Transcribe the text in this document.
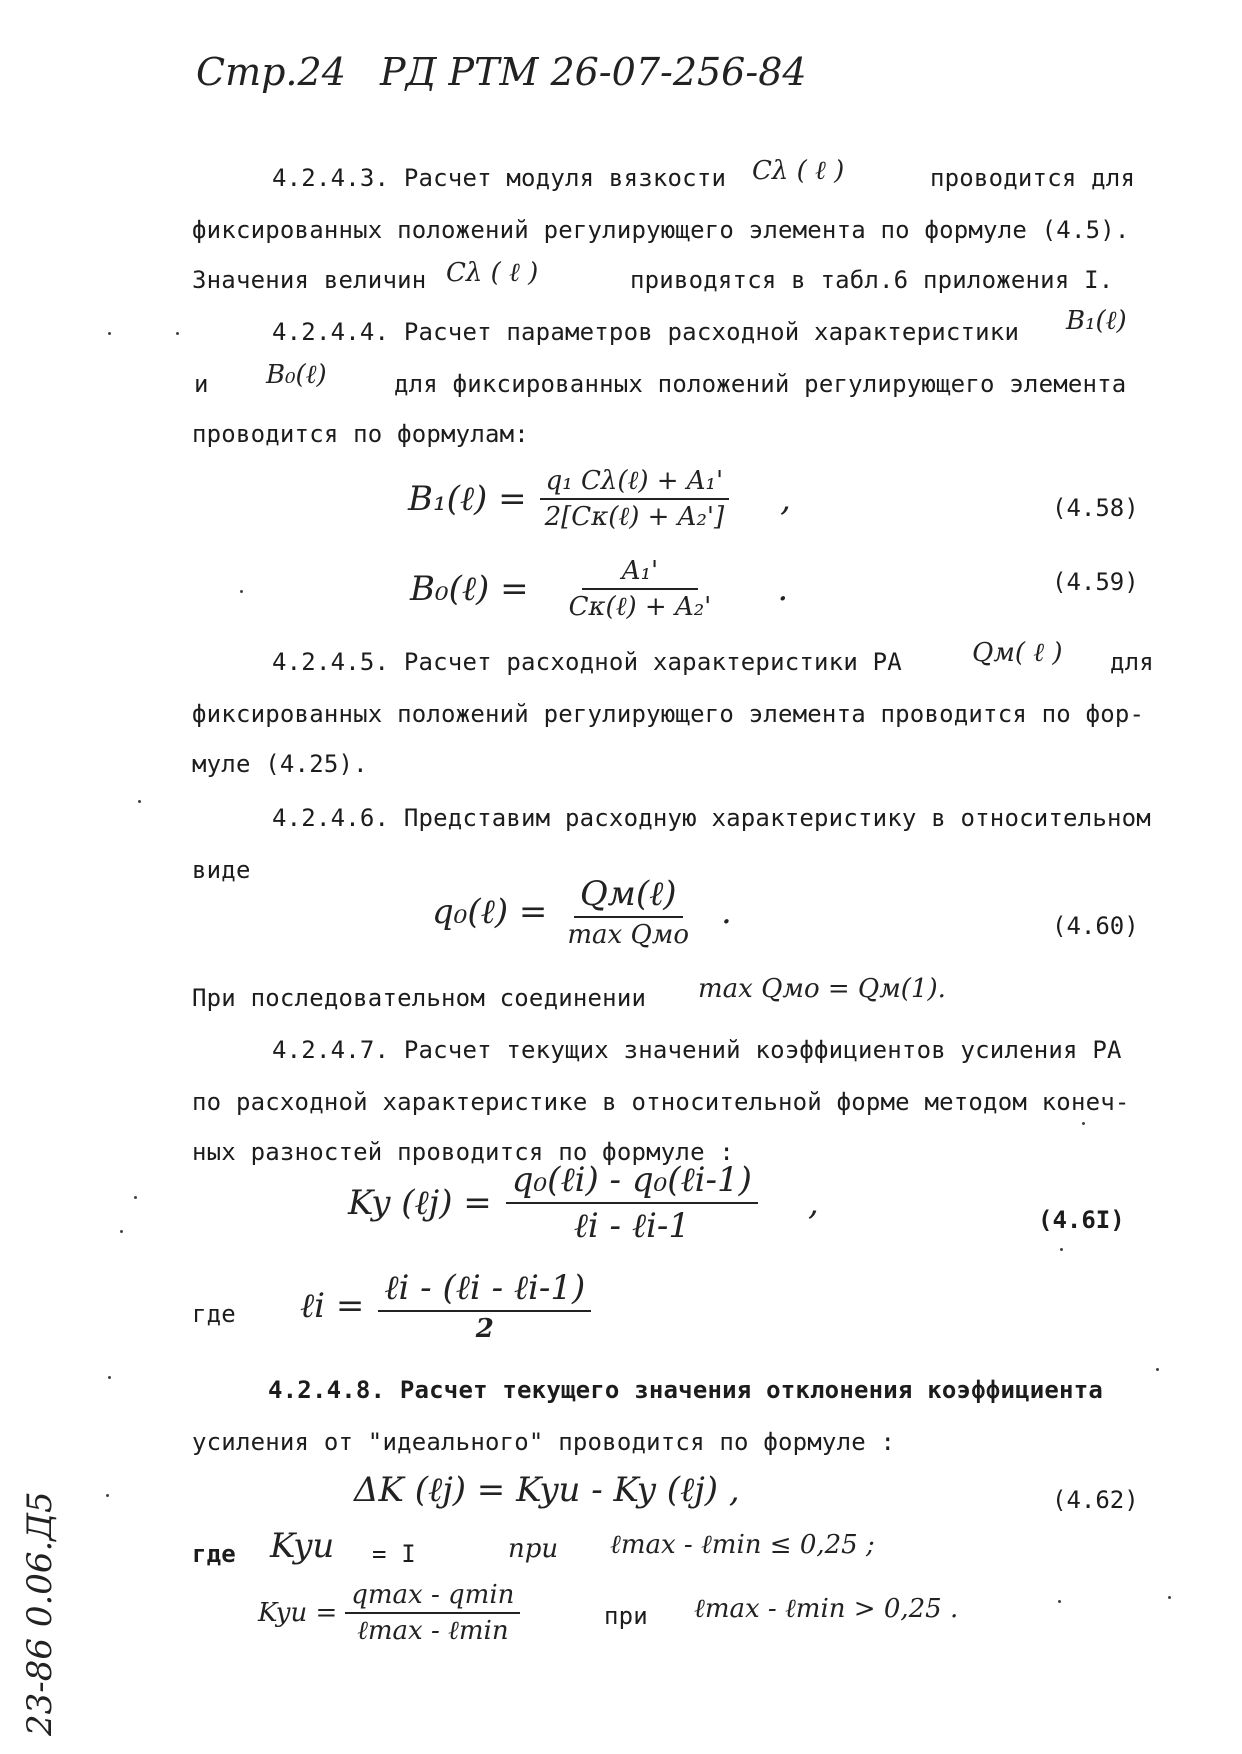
Стр.24 РД РТМ 26-07-256-84
4.2.4.3. Расчет модуля вязкости Cλ ( ℓ )	проводится для
фиксированных положений регулирующего элемента по формуле (4.5).
Значения величин Cλ ( ℓ )	приводятся в табл.6 приложения I.
4.2.4.4. Расчет параметров расходной характеристики B₁(ℓ)
и B₀(ℓ)	для фиксированных положений регулирующего элемента
проводится по формулам:
B₁(ℓ) = $\frac{\text{q₁ Cλ(ℓ) + A₁'}}{\text{2[Cκ(ℓ) + A₂']}}$ ,	(4.58)
B₀(ℓ) = $\frac{\text{A₁'}}{\text{Cκ(ℓ) + A₂'}}$ .	(4.59)
4.2.4.5. Расчет расходной характеристики РА	Qм( ℓ ) для
фиксированных положений регулирующего элемента проводится по фор-
муле (4.25).
4.2.4.6. Представим расходную характеристику в относительном
виде
q₀(ℓ) = $\frac{\text{Qм(ℓ)}}{\text{max Qмо}}$ .	(4.60)
При последовательном соединении max Qмо = Qм(1).
4.2.4.7. Расчет текущих значений коэффициентов усиления РА
по расходной характеристике в относительной форме методом конеч-
ных разностей проводится по формуле :
Ky (ℓj) = $\frac{\text{q₀(ℓi) - q₀(ℓi-1)}}{\text{ℓi - ℓi-1}}$ ,	(4.6I)
где ℓi = $\frac{\text{ℓi - (ℓi - ℓi-1)}}{2}$
4.2.4.8. Расчет текущего значения отклонения коэффициента
усиления от "идеального" проводится по формуле :
ΔK (ℓj) = Kyu - Ky (ℓj) ,	(4.62)
где Kyu = I	при ℓmax - ℓmin ≤ 0,25 ;
Kyu = $\frac{qmax - qmin}{\text{ℓmax - ℓmin}}$	при ℓmax - ℓmin > 0,25 .
23-86 0.06.Д5
